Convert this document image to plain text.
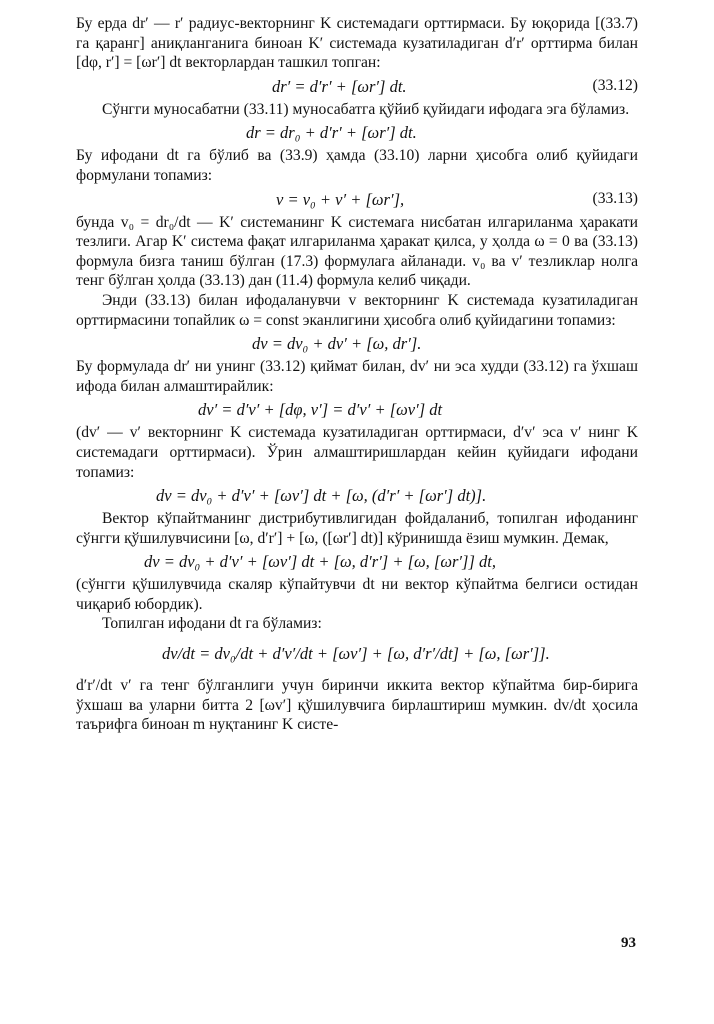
Бу ерда dr′ — r′ радиус-векторнинг K системадаги орттирмаси. Бу юқорида [(33.7) га қаранг] аниқланганига биноан K′ системада кузатиладиган d′r′ орттирма билан [dφ, r′] = [ωr′] dt векторлардан ташкил топган:

dr′ = d′r′ + [ωr′] dt.	(33.12)

Сўнгги муносабатни (33.11) муносабатга қўйиб қуйидаги ифодага эга бўламиз.

dr = dr₀ + d′r′ + [ωr′] dt.

Бу ифодани dt га бўлиб ва (33.9) ҳамда (33.10) ларни ҳисобга олиб қуйидаги формулани топамиз:

v = v₀ + v′ + [ωr′],	(33.13)

бунда v₀ = dr₀/dt — K′ системанинг K системага нисбатан илгариланма ҳаракати тезлиги. Агар K′ система фақат илгариланма ҳаракат қилса, у ҳолда ω = 0 ва (33.13) формула бизга таниш бўлган (17.3) формулага айланади. v₀ ва v′ тезликлар нолга тенг бўлган ҳолда (33.13) дан (11.4) формула келиб чиқади.

Энди (33.13) билан ифодаланувчи v векторнинг K системада кузатиладиган орттирмасини топайлик ω = const эканлигини ҳисобга олиб қуйидагини топамиз:

dv = dv₀ + dv′ + [ω, dr′].

Бу формулада dr′ ни унинг (33.12) қиймат билан, dv′ ни эса худди (33.12) га ўхшаш ифода билан алмаштирайлик:

dv′ = d′v′ + [dφ, v′] = d′v′ + [ωv′] dt

(dv′ — v′ векторнинг K системада кузатиладиган орттирмаси, d′v′ эса v′ нинг K системадаги орттирмаси). Ўрин алмаштиришлардан кейин қуйидаги ифодани топамиз:

dv = dv₀ + d′v′ + [ωv′] dt + [ω, (d′r′ + [ωr′] dt)].

Вектор кўпайтманинг дистрибутивлигидан фойдаланиб, топилган ифоданинг сўнгги қўшилувчисини [ω, d′r′] + [ω, ([ωr′] dt)] кўринишда ёзиш мумкин. Демак,

dv = dv₀ + d′v′ + [ωv′] dt + [ω, d′r′] + [ω, [ωr′]] dt,

(сўнгги қўшилувчида скаляр кўпайтувчи dt ни вектор кўпайтма белгиси остидан чиқариб юбордик).

Топилган ифодани dt га бўламиз:

dv/dt = dv₀/dt + d′v′/dt + [ωv′] + [ω, d′r′/dt] + [ω, [ωr′]].

d′r′/dt v′ га тенг бўлганлиги учун биринчи иккита вектор кўпайтма бир-бирига ўхшаш ва уларни битта 2 [ωv′] қўшилувчига бирлаштириш мумкин. dv/dt ҳосила таърифга биноан m нуқтанинг K систе-

93
